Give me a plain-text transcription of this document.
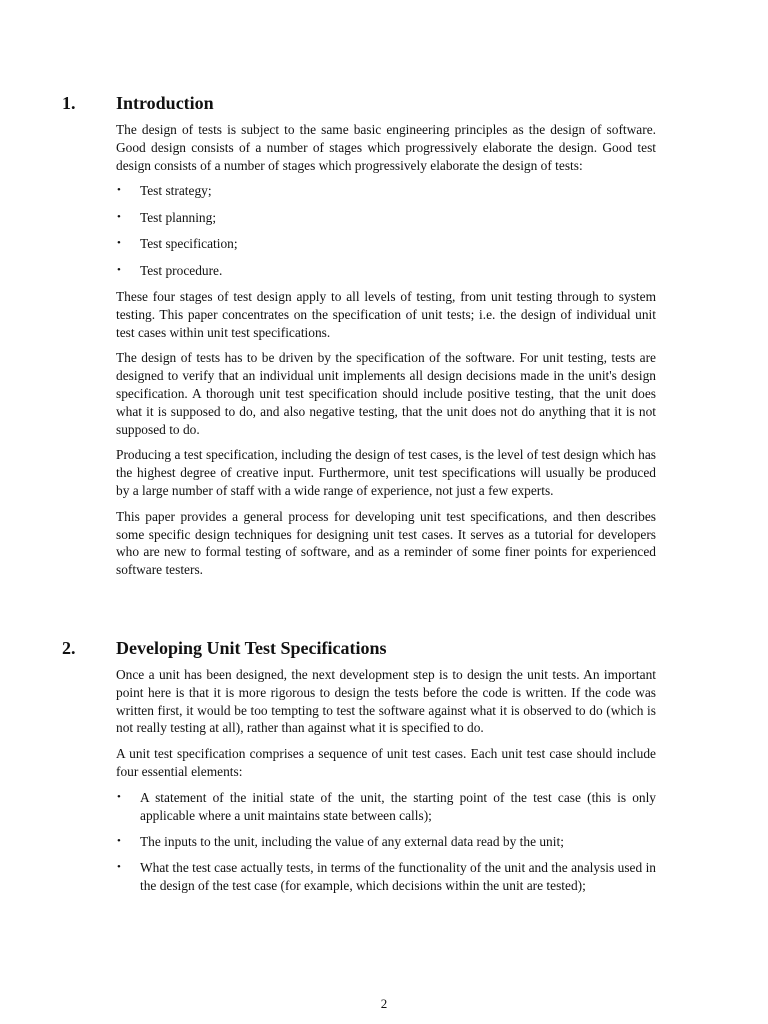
1.	Introduction

The design of tests is subject to the same basic engineering principles as the design of software. Good design consists of a number of stages which progressively elaborate the design. Good test design consists of a number of stages which progressively elaborate the design of tests:

•	Test strategy;
•	Test planning;
•	Test specification;
•	Test procedure.

These four stages of test design apply to all levels of testing, from unit testing through to system testing. This paper concentrates on the specification of unit tests; i.e. the design of individual unit test cases within unit test specifications.

The design of tests has to be driven by the specification of the software. For unit testing, tests are designed to verify that an individual unit implements all design decisions made in the unit's design specification. A thorough unit test specification should include positive testing, that the unit does what it is supposed to do, and also negative testing, that the unit does not do anything that it is not supposed to do.

Producing a test specification, including the design of test cases, is the level of test design which has the highest degree of creative input. Furthermore, unit test specifications will usually be produced by a large number of staff with a wide range of experience, not just a few experts.

This paper provides a general process for developing unit test specifications, and then describes some specific design techniques for designing unit test cases. It serves as a tutorial for developers who are new to formal testing of software, and as a reminder of some finer points for experienced software testers.

2.	Developing Unit Test Specifications

Once a unit has been designed, the next development step is to design the unit tests. An important point here is that it is more rigorous to design the tests before the code is written. If the code was written first, it would be too tempting to test the software against what it is observed to do (which is not really testing at all), rather than against what it is specified to do.

A unit test specification comprises a sequence of unit test cases. Each unit test case should include four essential elements:

•	A statement of the initial state of the unit, the starting point of the test case (this is only applicable where a unit maintains state between calls);
•	The inputs to the unit, including the value of any external data read by the unit;
•	What the test case actually tests, in terms of the functionality of the unit and the analysis used in the design of the test case (for example, which decisions within the unit are tested);
2
